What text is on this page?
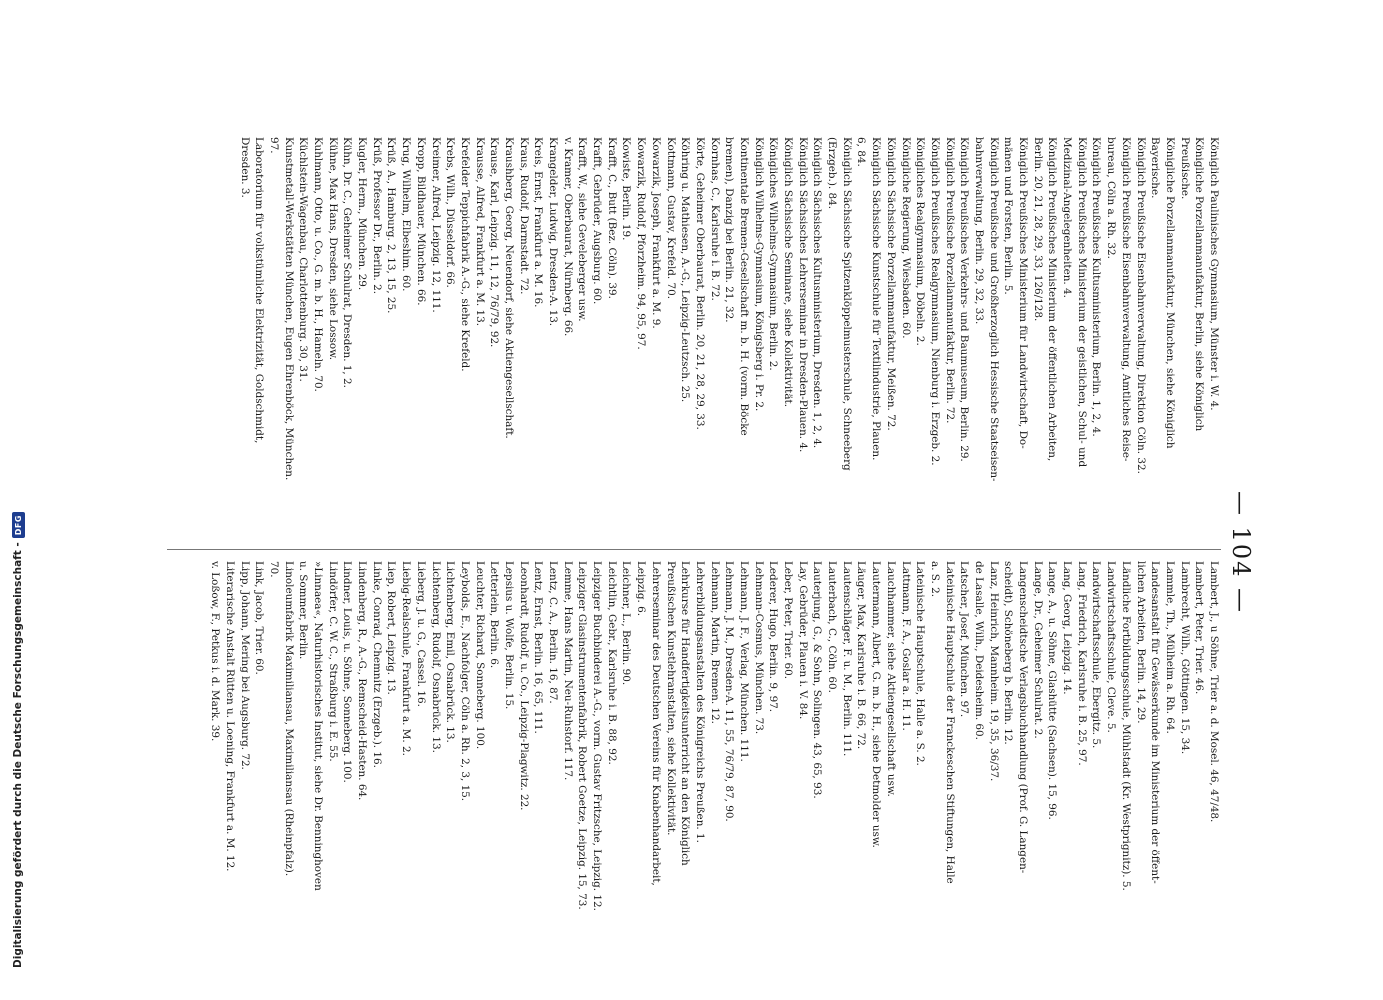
— 104 —
Königlich Paulinisches Gymnasium, Münster i. W. 4.
Königliche Porzellanmanufaktur, Berlin, siehe Königlich
Preußische.
Königliche Porzellanmanufaktur, München, siehe Königlich
Bayerische.
Königlich Preußische Eisenbahnverwaltung, Direktion Cöln. 32.
Königlich Preußische Eisenbahnverwaltung, Amtliches Reise-
bureau, Cöln a. Rh. 32.
Königlich Preußisches Kultusministerium, Berlin. 1, 2, 4.
Königlich Preußisches Ministerium der geistlichen, Schul- und
Medizinal-Angelegenheiten. 4.
Königlich Preußisches Ministerium der öffentlichen Arbeiten,
Berlin. 20, 21, 28, 29, 33, 126/128.
Königlich Preußisches Ministerium für Landwirtschaft, Do-
mänen und Forsten, Berlin. 5.
Königlich Preußische und Großherzoglich Hessische Staatseisen-
bahnverwaltung, Berlin. 29, 32, 33.
Königlich Preußisches Verkehrs- und Baumuseum, Berlin. 29.
Königlich Preußische Porzellanmanufaktur, Berlin. 72.
Königlich Preußisches Realgymnasium, Nienburg i. Erzgeb. 2.
Königliches Realgymnasium, Döbeln. 2.
Königliche Regierung, Wiesbaden. 60.
Königlich Sächsische Porzellanmanufaktur, Meißen. 72.
Königlich Sächsische Kunstschule für Textilindustrie, Plauen.
6, 84.
Königlich Sächsische Spitzenklöppelmusterschule, Schneeberg
(Erzgeb.). 84.
Königlich Sächsisches Kultusministerium, Dresden. 1, 2, 4.
Königlich Sächsisches Lehrerseminar in Dresden-Plauen. 4.
Königlich Sächsische Seminare, siehe Kollektivität.
Königliches Wilhelms-Gymnasium, Berlin. 2.
Königlich Wilhelms-Gymnasium, Königsberg i. Pr. 2.
Kontinentale Bremen-Gesellschaft m. b. H. (vorm. Böcke
bremen), Danzig bei Berlin. 21, 32.
Kornhas, C., Karlsruhe i. B. 72.
Körte, Geheimer Oberbaurat, Berlin. 20, 21, 28, 29, 33.
Köhring u. Mathiesen, A.-G., Leipzig-Leutzsch. 25.
Kottmann, Gustav, Krefeld. 70.
Kowarzik, Joseph, Frankfurt a. M. 9.
Kowarzik, Rudolf, Pforzheim. 94, 95, 97.
Kowiste, Berlin. 19.
Krafft, C., Butt (Bez. Cöln). 39.
Krafft, Gebrüder, Augsburg. 60.
Krafft, W., siehe Geveleberger usw.
v. Kramer, Oberbaurat, Nürnberg. 66.
Krangelder, Ludwig, Dresden-A. 13.
Kreis, Ernst, Frankfurt a. M. 16.
Kraus, Rudolf, Darmstadt. 72.
Kraushberg, Georg, Neuendorf, siehe Aktiengesellschaft.
Krause, Karl, Leipzig. 11, 12, 76/79, 92.
Krausse, Alfred, Frankfurt a. M. 13.
Krefelder Teppichfabrik A.-G., siehe Krefeld.
Krebs, Wilh., Düsseldorf. 66.
Kreimer, Alfred, Leipzig. 12, 111.
Kropp, Bildhauer, München. 66.
Krug, Wilhelm, Elbeshim. 60.
Krüß, A., Hamburg. 2, 13, 15, 25.
Krüß, Professor Dr., Berlin. 2.
Kugler, Herm., München. 29.
Kühn, Dr. C., Geheimer Schulrat, Dresden. 1, 2.
Kühne, Max Hans, Dresden, siehe Lossow.
Kuhlmann, Otto, u. Co., G. m. b. H., Hameln. 70.
Küchlstein-Wagenbau, Charlottenburg. 30, 31.
Kunstmetall-Werkstätten München, Eugen Ehrenböck, München.
97.
Laboratorium für volkstümliche Elektrizität, Goldschmidt,
Dresden. 3.
Lambert, J., u Söhne, Trier a. d. Mosel. 46, 47/48.
Lambert, Peter, Trier. 46.
Lambrecht, Wilh., Göttingen. 15, 34.
Lammle, Th., Mülheim a. Rh. 64.
Landesanstalt für Gewässerkunde im Ministerium der öffent-
lichen Arbeiten, Berlin. 14, 29.
Ländliche Fortbildungsschule, Mühlstadt (Kr. Westprignitz). 5.
Landwirtschaftsschule, Cleve. 5.
Landwirtschaftsschule, Ebergitz. 5.
Lang, Friedrich, Karlsruhe i. B. 25, 97.
Lang, Georg, Leipzig. 14.
Lange, A., u. Söhne, Glashütte (Sachsen). 15, 96.
Lange, Dr., Geheimer Schulrat. 2.
Langenscheidtsche Verlagsbuchhandlung (Prof. G. Langen-
scheidt), Schöneberg b. Berlin. 12.
Lanz, Heinrich, Mannheim. 19, 35, 36/37.
de Lasalle, Wilh., Deidesheim. 60.
Latscher, Josef, München. 97.
Lateinische Hauptschule der Franckeschen Stiftungen, Halle
a. S. 2.
Lateinische Hauptschule, Halle a. S. 2.
Lattmann, F. A., Goslar a. H. 11.
Lauchhammer, siehe Aktiengesellschaft usw.
Lautermann, Albert, G. m. b. H., siehe Detmolder usw.
Läuger, Max, Karlsruhe i. B. 66, 72.
Lautenschläger, F. u. M., Berlin. 111.
Lauterbach, C., Cöln. 60.
Lauterjung, G., & Sohn, Solingen. 43, 65, 93.
Lay, Gebrüder, Plauen i. V. 84.
Leber, Peter, Trier. 60.
Lederer, Hugo, Berlin. 9, 97.
Lehmann-Cosmus, München. 73.
Lehmann, J. F., Verlag, München. 111.
Lehmann, J. M., Dresden-A. 11, 55, 76/79, 87, 90.
Lehmann, Martin, Bremen. 12.
Lehrerbildungsanstalten des Königreichs Preußen. 1.
Lehrkurse für Handfertigkeitsunterricht an den Königlich
Preußischen Kunstlehranstalten, siehe Kollektivität.
Lehrerseminar des Deutschen Vereins für Knabenhandarbeit,
Leipzig. 6.
Leichner, L., Berlin. 90.
Leichtlin, Gebr., Karlsruhe i. B. 88, 92.
Leipziger Buchbinderei A.-G., vorm. Gustav Fritzsche, Leipzig. 12.
Leipziger Glasinstrumentenfabrik, Robert Goetze, Leipzig. 15, 73.
Lemme, Hans Martin, Neu-Ruhstorf. 117.
Lentz, C. A., Berlin. 16, 87.
Lentz, Ernst, Berlin. 16, 65, 111.
Leonhardt, Rudolf, u. Co., Leipzig-Plagwitz. 22.
Lepsius u. Wolfe, Berlin. 15.
Letterlein, Berlin. 6.
Leuchter, Richard, Sonneberg. 100.
Leybolds, E., Nachfolger, Cöln a. Rh. 2, 3, 15.
Lichtenberg, Emil, Osnabrück. 13.
Lichtenberg, Rudolf, Osnabrück. 13.
Lieberg, J. u. G., Cassel. 16.
Liebig-Realschule, Frankfurt a. M. 2.
Liep, Robert, Leipzig. 13.
Linke, Conrad, Chemnitz (Erzgeb.). 16.
Lindenberg, R., A.-G., Remscheid-Hasten. 64.
Lindner, Louis, u. Söhne, Sonneberg. 100.
Lindörfer, C. W. C., Straßburg i. E. 55.
»Linnaea«, Naturhistorisches Institut, siehe Dr. Benninghoven
u. Sommer, Berlin.
Linoleumfabrik Maximiliansau, Maximiliansau (Rheinpfalz).
70.
Link, Jacob, Trier. 60.
Lipp, Johann, Mering bei Augsburg. 72.
Literarische Anstalt Rütten u. Loening, Frankfurt a. M. 12.
v. Loßow, F., Petkus i. d. Mark. 39.
Digitalisierung gefördert durch die Deutsche Forschungsgemeinschaft -
DFG
